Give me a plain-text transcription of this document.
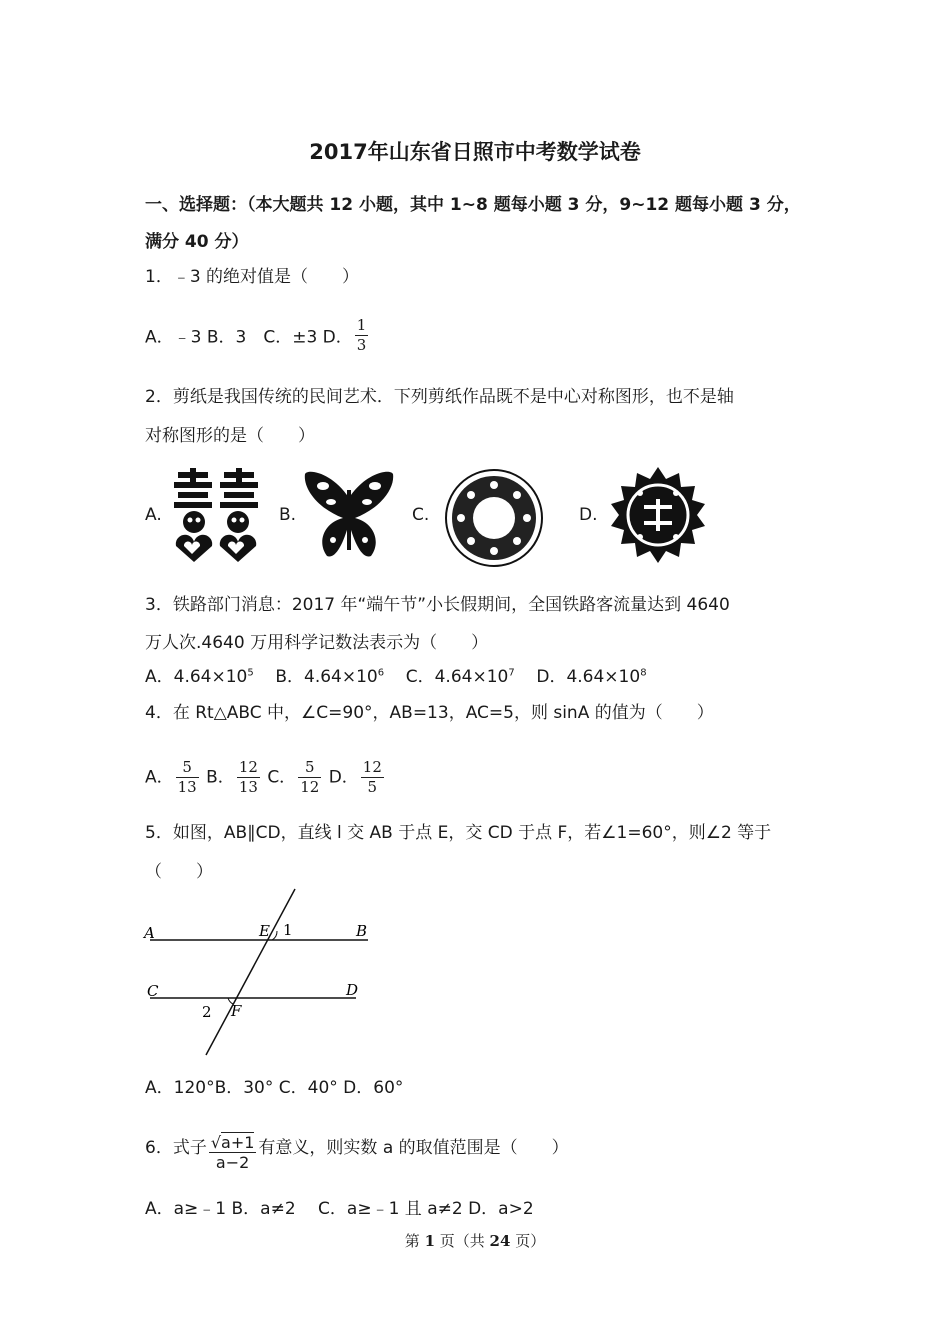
2017年山东省日照市中考数学试卷
一、选择题：（本大题共 12 小题，其中 1~8 题每小题 3 分，9~12 题每小题 3 分，
满分 40 分）
1．﹣3 的绝对值是（　　）
A．﹣3 B．3　C．±3 D． $\frac{1}{3}$
2．剪纸是我国传统的民间艺术．下列剪纸作品既不是中心对称图形，也不是轴
对称图形的是（　　）
A.	B.	C.	D.
3．铁路部门消息：2017 年“端午节”小长假期间，全国铁路客流量达到 4640
万人次.4640 万用科学记数法表示为（　　）
A．$4.64\times 10^5$ B．$4.64\times 10^6$ C．$4.64\times 10^7$ D．$4.64\times 10^8$
4．在 Rt△ABC 中，∠C=90°，AB=13，AC=5，则 sinA 的值为（　　）
A． $\frac{5}{13}$ B． $\frac{12}{13}$ C． $\frac{5}{12}$ D． $\frac{12}{5}$
5．如图，AB∥CD，直线 l 交 AB 于点 E，交 CD 于点 F，若∠1=60°，则∠2 等于
（　　）
A	B
E 1
C	D
2 F
A．120°B．30° C．40° D．60°
6．式子 $\frac{√a+1}{a-2}$ 有意义，则实数 a 的取值范围是（　　）
A．a≥﹣1 B．a≠2　 C．a≥﹣1 且 a≠2 D．a>2
第 1 页（共 24 页）
